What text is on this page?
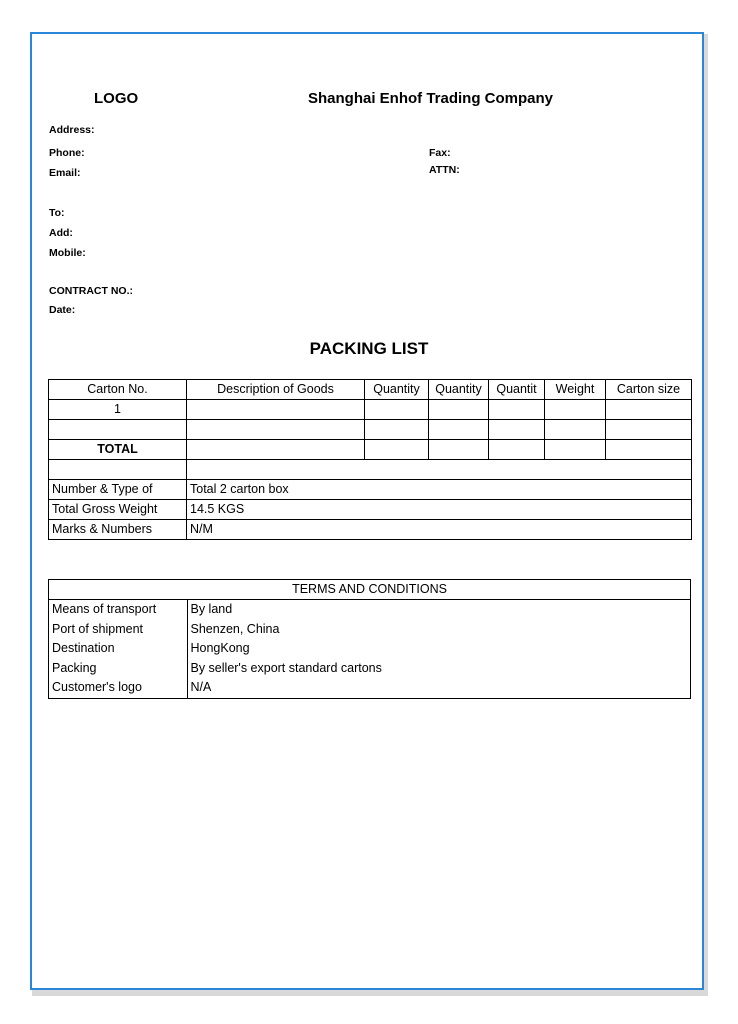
LOGO	Shanghai Enhof Trading Company
Address:
Phone:
Email:
Fax:
ATTN:
To:
Add:
Mobile:
CONTRACT NO.:
Date:
PACKING LIST
Carton No.	Description of Goods	Quantity	Quantity	Quantit	Weight	Carton size
1						

TOTAL						

Number & Type of	Total 2 carton box					
Total Gross Weight	14.5 KGS					
Marks & Numbers	N/M					
TERMS AND CONDITIONS	
Means of transport	By land
Port of shipment	Shenzen, China
Destination	HongKong
Packing	By seller's export standard cartons
Customer's logo	N/A
